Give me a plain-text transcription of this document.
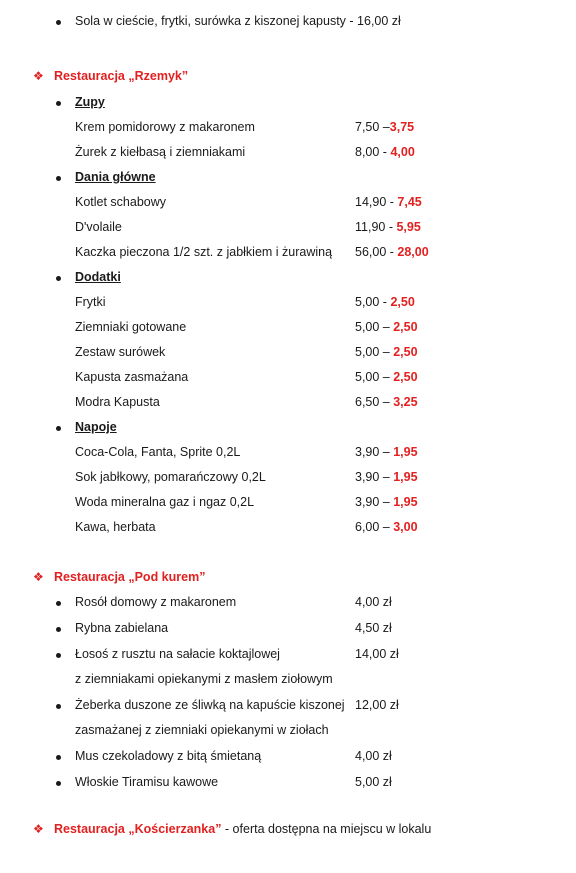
Sola w cieście, frytki, surówka z kiszonej kapusty - 16,00 zł
❖ Restauracja „Rzemyk”
Zupy
Krem pomidorowy z makaronem	7,50 –3,75
Żurek z kiełbasą i ziemniakami	8,00 - 4,00
Dania główne
Kotlet schabowy	14,90 - 7,45
D'volaile	11,90 - 5,95
Kaczka pieczona 1/2 szt. z jabłkiem i żurawiną 56,00 - 28,00
Dodatki
Frytki	5,00 - 2,50
Ziemniaki gotowane	5,00 – 2,50
Zestaw surówek	5,00 – 2,50
Kapusta zasmażana	5,00 – 2,50
Modra Kapusta	6,50 – 3,25
Napoje
Coca-Cola, Fanta, Sprite 0,2L	3,90 – 1,95
Sok jabłkowy, pomarańczowy 0,2L	3,90 – 1,95
Woda mineralna gaz i ngaz 0,2L	3,90 – 1,95
Kawa, herbata	6,00 – 3,00
❖ Restauracja „Pod kurem”
Rosół domowy z makaronem	4,00 zł
Rybna zabielana	4,50 zł
Łosoś z rusztu na sałacie koktajlowej
z ziemniakami opiekanymi z masłem ziołowym
14,00 zł
Żeberka duszone ze śliwką na kapuście kiszonej
zasmażanej z ziemniaki opiekanymi w ziołach
12,00 zł
Mus czekoladowy z bitą śmietaną	4,00 zł
Włoskie Tiramisu kawowe	5,00 zł
❖ Restauracja „Kościerzanka” - oferta dostępna na miejscu w lokalu
